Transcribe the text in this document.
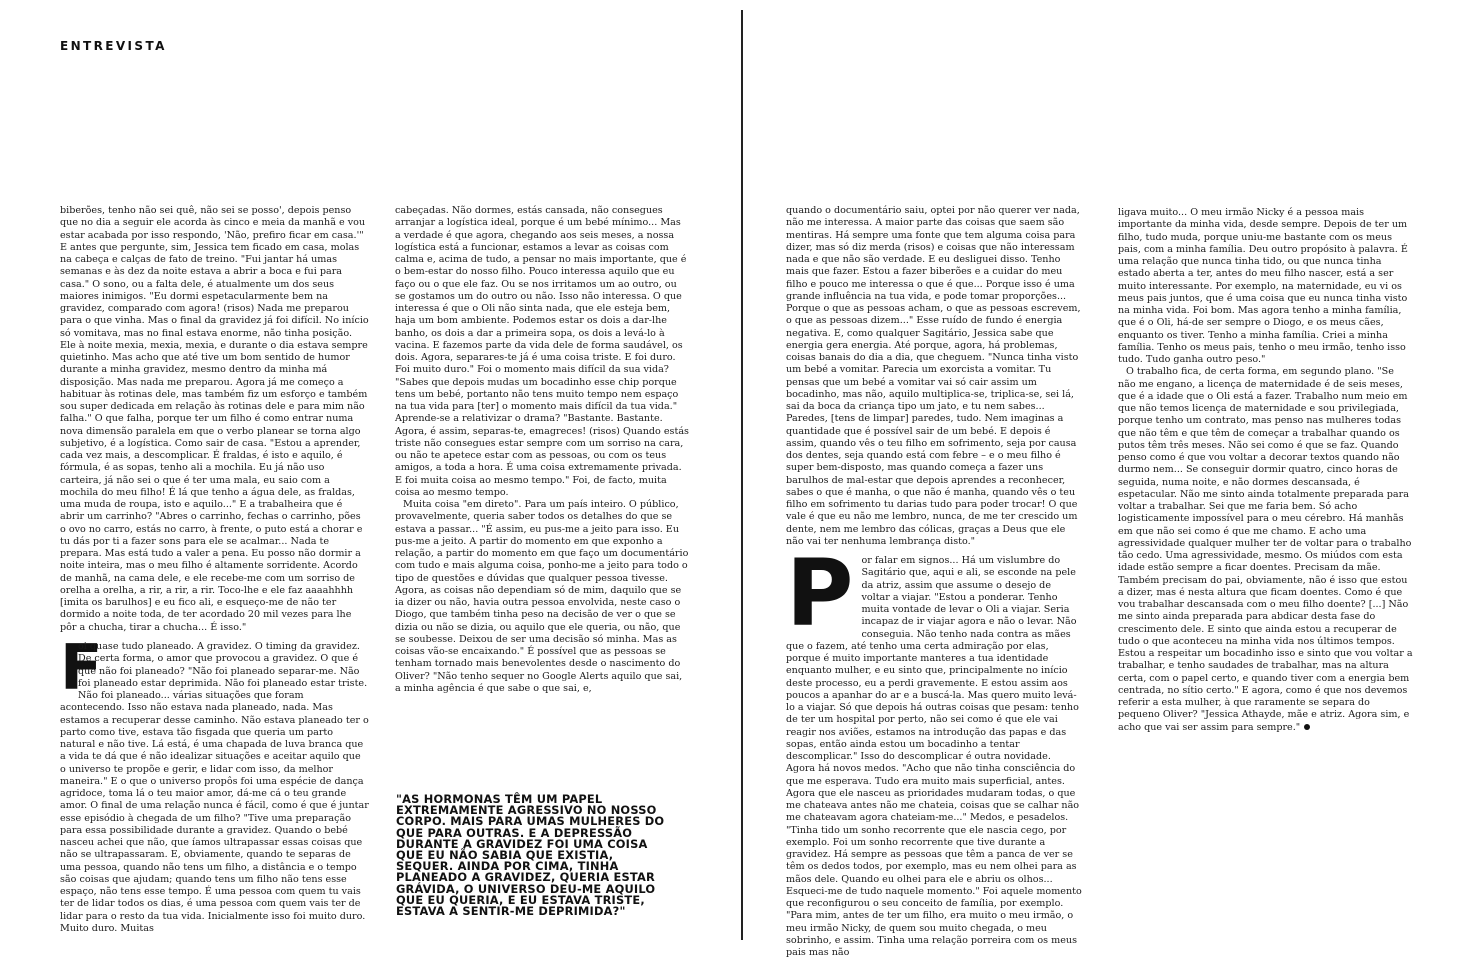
ENTREVISTA

biberões, tenho não sei quê, não sei se posso', depois penso que no dia a seguir ele acorda às cinco e meia da manhã e vou estar acabada por isso respondo, 'Não, prefiro ficar em casa.'" E antes que pergunte, sim, Jessica tem ficado em casa, molas na cabeça e calças de fato de treino. "Fui jantar há umas semanas e às dez da noite estava a abrir a boca e fui para casa." O sono, ou a falta dele, é atualmente um dos seus maiores inimigos. "Eu dormi espetacularmente bem na gravidez, comparado com agora! (risos) Nada me preparou para o que vinha. Mas o final da gravidez já foi difícil. No início só vomitava, mas no final estava enorme, não tinha posição. Ele à noite mexia, mexia, mexia, e durante o dia estava sempre quietinho. Mas acho que até tive um bom sentido de humor durante a minha gravidez, mesmo dentro da minha má disposição. Mas nada me preparou. Agora já me começo a habituar às rotinas dele, mas também fiz um esforço e também sou super dedicada em relação às rotinas dele e para mim não falha." O que falha, porque ter um filho é como entrar numa nova dimensão paralela em que o verbo planear se torna algo subjetivo, é a logística. Como sair de casa. "Estou a aprender, cada vez mais, a descomplicar. É fraldas, é isto e aquilo, é fórmula, é as sopas, tenho ali a mochila. Eu já não uso carteira, já não sei o que é ter uma mala, eu saio com a mochila do meu filho! É lá que tenho a água dele, as fraldas, uma muda de roupa, isto e aquilo..." E a trabalheira que é abrir um carrinho? "Abres o carrinho, fechas o carrinho, pões o ovo no carro, estás no carro, à frente, o puto está a chorar e tu dás por ti a fazer sons para ele se acalmar... Nada te prepara. Mas está tudo a valer a pena. Eu posso não dormir a noite inteira, mas o meu filho é altamente sorridente. Acordo de manhã, na cama dele, e ele recebe-me com um sorriso de orelha a orelha, a rir, a rir, a rir. Toco-lhe e ele faz aaaahhhh [imita os barulhos] e eu fico ali, e esqueço-me de não ter dormido a noite toda, de ter acordado 20 mil vezes para lhe pôr a chucha, tirar a chucha... É isso."

F

oi quase tudo planeado. A gravidez. O timing da gravidez. De certa forma, o amor que provocou a gravidez. O que é que não foi planeado? "Não foi planeado separar-me. Não foi planeado estar deprimida. Não foi planeado estar triste. Não foi planeado... várias situações que foram acontecendo. Isso não estava nada planeado, nada. Mas estamos a recuperar desse caminho. Não estava planeado ter o parto como tive, estava tão fisgada que queria um parto natural e não tive. Lá está, é uma chapada de luva branca que a vida te dá que é não idealizar situações e aceitar aquilo que o universo te propõe e gerir, e lidar com isso, da melhor maneira." E o que o universo propôs foi uma espécie de dança agridoce, toma lá o teu maior amor, dá-me cá o teu grande amor. O final de uma relação nunca é fácil, como é que é juntar esse episódio à chegada de um filho? "Tive uma preparação para essa possibilidade durante a gravidez. Quando o bebé nasceu achei que não, que íamos ultrapassar essas coisas que não se ultrapassaram. E, obviamente, quando te separas de uma pessoa, quando não tens um filho, a distância e o tempo são coisas que ajudam; quando tens um filho não tens esse espaço, não tens esse tempo. É uma pessoa com quem tu vais ter de lidar todos os dias, é uma pessoa com quem vais ter de lidar para o resto da tua vida. Inicialmente isso foi muito duro. Muito duro. Muitas

cabeçadas. Não dormes, estás cansada, não consegues arranjar a logística ideal, porque é um bebé mínimo... Mas a verdade é que agora, chegando aos seis meses, a nossa logística está a funcionar, estamos a levar as coisas com calma e, acima de tudo, a pensar no mais importante, que é o bem-estar do nosso filho. Pouco interessa aquilo que eu faço ou o que ele faz. Ou se nos irritamos um ao outro, ou se gostamos um do outro ou não. Isso não interessa. O que interessa é que o Oli não sinta nada, que ele esteja bem, haja um bom ambiente. Podemos estar os dois a dar-lhe banho, os dois a dar a primeira sopa, os dois a levá-lo à vacina. E fazemos parte da vida dele de forma saudável, os dois. Agora, separares-te já é uma coisa triste. E foi duro. Foi muito duro." Foi o momento mais difícil da sua vida? "Sabes que depois mudas um bocadinho esse chip porque tens um bebé, portanto não tens muito tempo nem espaço na tua vida para [ter] o momento mais difícil da tua vida." Aprende-se a relativizar o drama? "Bastante. Bastante. Agora, é assim, separas-te, emagreces! (risos) Quando estás triste não consegues estar sempre com um sorriso na cara, ou não te apetece estar com as pessoas, ou com os teus amigos, a toda a hora. É uma coisa extremamente privada. E foi muita coisa ao mesmo tempo." Foi, de facto, muita coisa ao mesmo tempo.

Muita coisa "em direto". Para um país inteiro. O público, provavelmente, queria saber todos os detalhes do que se estava a passar... "É assim, eu pus-me a jeito para isso. Eu pus-me a jeito. A partir do momento em que exponho a relação, a partir do momento em que faço um documentário com tudo e mais alguma coisa, ponho-me a jeito para todo o tipo de questões e dúvidas que qualquer pessoa tivesse. Agora, as coisas não dependiam só de mim, daquilo que se ia dizer ou não, havia outra pessoa envolvida, neste caso o Diogo, que também tinha peso na decisão de ver o que se dizia ou não se dizia, ou aquilo que ele queria, ou não, que se soubesse. Deixou de ser uma decisão só minha. Mas as coisas vão-se encaixando." É possível que as pessoas se tenham tornado mais benevolentes desde o nascimento do Oliver? "Não tenho sequer no Google Alerts aquilo que sai, a minha agência é que sabe o que sai, e,

"AS HORMONAS TÊM UM PAPEL EXTREMAMENTE AGRESSIVO NO NOSSO CORPO. MAIS PARA UMAS MULHERES DO QUE PARA OUTRAS. E A DEPRESSÃO DURANTE A GRAVIDEZ FOI UMA COISA QUE EU NÃO SABIA QUE EXISTIA, SEQUER. AINDA POR CIMA, TINHA PLANEADO A GRAVIDEZ, QUERIA ESTAR GRÁVIDA, O UNIVERSO DEU-ME AQUILO QUE EU QUERIA, E EU ESTAVA TRISTE, ESTAVA A SENTIR-ME DEPRIMIDA?"

quando o documentário saiu, optei por não querer ver nada, não me interessa. A maior parte das coisas que saem são mentiras. Há sempre uma fonte que tem alguma coisa para dizer, mas só diz merda (risos) e coisas que não interessam nada e que não são verdade. E eu desliguei disso. Tenho mais que fazer. Estou a fazer biberões e a cuidar do meu filho e pouco me interessa o que é que... Porque isso é uma grande influência na tua vida, e pode tomar proporções... Porque o que as pessoas acham, o que as pessoas escrevem, o que as pessoas dizem..." Esse ruído de fundo é energia negativa. E, como qualquer Sagitário, Jessica sabe que energia gera energia. Até porque, agora, há problemas, coisas banais do dia a dia, que cheguem. "Nunca tinha visto um bebé a vomitar. Parecia um exorcista a vomitar. Tu pensas que um bebé a vomitar vai só cair assim um bocadinho, mas não, aquilo multiplica-se, triplica-se, sei lá, sai da boca da criança tipo um jato, e tu nem sabes... Paredes, [tens de limpar] paredes, tudo. Nem imaginas a quantidade que é possível sair de um bebé. E depois é assim, quando vês o teu filho em sofrimento, seja por causa dos dentes, seja quando está com febre – e o meu filho é super bem-disposto, mas quando começa a fazer uns barulhos de mal-estar que depois aprendes a reconhecer, sabes o que é manha, o que não é manha, quando vês o teu filho em sofrimento tu darias tudo para poder trocar! O que vale é que eu não me lembro, nunca, de me ter crescido um dente, nem me lembro das cólicas, graças a Deus que ele não vai ter nenhuma lembrança disto."

P or falar em signos... Há um vislumbre do Sagitário que, aqui e ali, se esconde na pele da atriz, assim que assume o desejo de voltar a viajar. "Estou a ponderar. Tenho muita vontade de levar o Oli a viajar. Seria incapaz de ir viajar agora e não o levar. Não conseguia. Não tenho nada contra as mães que o fazem, até tenho uma certa admiração por elas, porque é muito importante manteres a tua identidade enquanto mulher, e eu sinto que, principalmente no início deste processo, eu a perdi gravemente. E estou assim aos poucos a apanhar do ar e a buscá-la. Mas quero muito levá-lo a viajar. Só que depois há outras coisas que pesam: tenho de ter um hospital por perto, não sei como é que ele vai reagir nos aviões, estamos na introdução das papas e das sopas, então ainda estou um bocadinho a tentar descomplicar." Isso do descomplicar é outra novidade. Agora há novos medos. "Acho que não tinha consciência do que me esperava. Tudo era muito mais superficial, antes. Agora que ele nasceu as prioridades mudaram todas, o que me chateava antes não me chateia, coisas que se calhar não me chateavam agora chateiam-me..." Medos, e pesadelos. "Tinha tido um sonho recorrente que ele nascia cego, por exemplo. Foi um sonho recorrente que tive durante a gravidez. Há sempre as pessoas que têm a panca de ver se têm os dedos todos, por exemplo, mas eu nem olhei para as mãos dele. Quando eu olhei para ele e abriu os olhos... Esqueci-me de tudo naquele momento." Foi aquele momento que reconfigurou o seu conceito de família, por exemplo. "Para mim, antes de ter um filho, era muito o meu irmão, o meu irmão Nicky, de quem sou muito chegada, o meu sobrinho, e assim. Tinha uma relação porreira com os meus pais mas não

ligava muito... O meu irmão Nicky é a pessoa mais importante da minha vida, desde sempre. Depois de ter um filho, tudo muda, porque uniu-me bastante com os meus pais, com a minha família. Deu outro propósito à palavra. É uma relação que nunca tinha tido, ou que nunca tinha estado aberta a ter, antes do meu filho nascer, está a ser muito interessante. Por exemplo, na maternidade, eu vi os meus pais juntos, que é uma coisa que eu nunca tinha visto na minha vida. Foi bom. Mas agora tenho a minha família, que é o Oli, há-de ser sempre o Diogo, e os meus cães, enquanto os tiver. Tenho a minha família. Criei a minha família. Tenho os meus pais, tenho o meu irmão, tenho isso tudo. Tudo ganha outro peso."

O trabalho fica, de certa forma, em segundo plano. "Se não me engano, a licença de maternidade é de seis meses, que é a idade que o Oli está a fazer. Trabalho num meio em que não temos licença de maternidade e sou privilegiada, porque tenho um contrato, mas penso nas mulheres todas que não têm e que têm de começar a trabalhar quando os putos têm três meses. Não sei como é que se faz. Quando penso como é que vou voltar a decorar textos quando não durmo nem... Se conseguir dormir quatro, cinco horas de seguida, numa noite, e não dormes descansada, é espetacular. Não me sinto ainda totalmente preparada para voltar a trabalhar. Sei que me faria bem. Só acho logisticamente impossível para o meu cérebro. Há manhãs em que não sei como é que me chamo. E acho uma agressividade qualquer mulher ter de voltar para o trabalho tão cedo. Uma agressividade, mesmo. Os miúdos com esta idade estão sempre a ficar doentes. Precisam da mãe. Também precisam do pai, obviamente, não é isso que estou a dizer, mas é nesta altura que ficam doentes. Como é que vou trabalhar descansada com o meu filho doente? [...] Não me sinto ainda preparada para abdicar desta fase do crescimento dele. E sinto que ainda estou a recuperar de tudo o que aconteceu na minha vida nos últimos tempos. Estou a respeitar um bocadinho isso e sinto que vou voltar a trabalhar, e tenho saudades de trabalhar, mas na altura certa, com o papel certo, e quando tiver com a energia bem centrada, no sítio certo." E agora, como é que nos devemos referir a esta mulher, à que raramente se separa do pequeno Oliver? "Jessica Athayde, mãe e atriz. Agora sim, e acho que vai ser assim para sempre."
